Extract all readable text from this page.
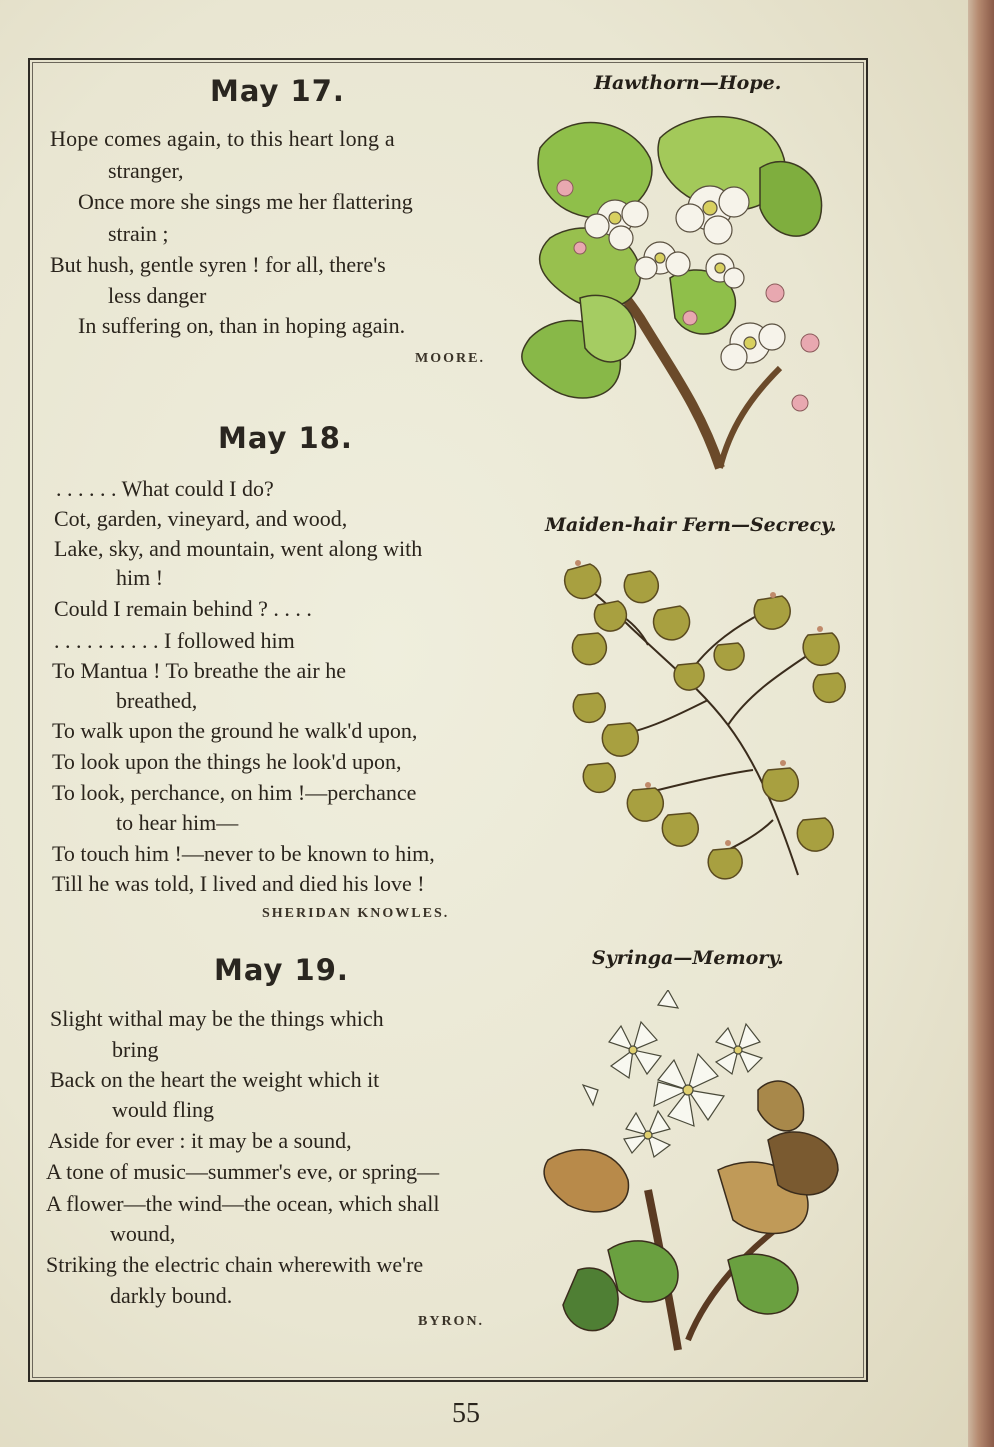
May 17.
Hope comes again, to this heart long a
stranger,
Once more she sings me her flattering
strain ;
But hush, gentle syren ! for all, there's
less danger
In suffering on, than in hoping again.
MOORE.
May 18.
. . . . . . What could I do?
Cot, garden, vineyard, and wood,
Lake, sky, and mountain, went along with
him !
Could I remain behind ? . . . .
. . . . . . . . . . I followed him
To Mantua ! To breathe the air he
breathed,
To walk upon the ground he walk'd upon,
To look upon the things he look'd upon,
To look, perchance, on him !—perchance
to hear him—
To touch him !—never to be known to him,
Till he was told, I lived and died his love !
SHERIDAN KNOWLES.
May 19.
Slight withal may be the things which
bring
Back on the heart the weight which it
would fling
Aside for ever : it may be a sound,
A tone of music—summer's eve, or spring—
A flower—the wind—the ocean, which shall
wound,
Striking the electric chain wherewith we're
darkly bound.
BYRON.
Hawthorn—Hope.
Maiden-hair Fern—Secrecy.
Syringa—Memory.
55
